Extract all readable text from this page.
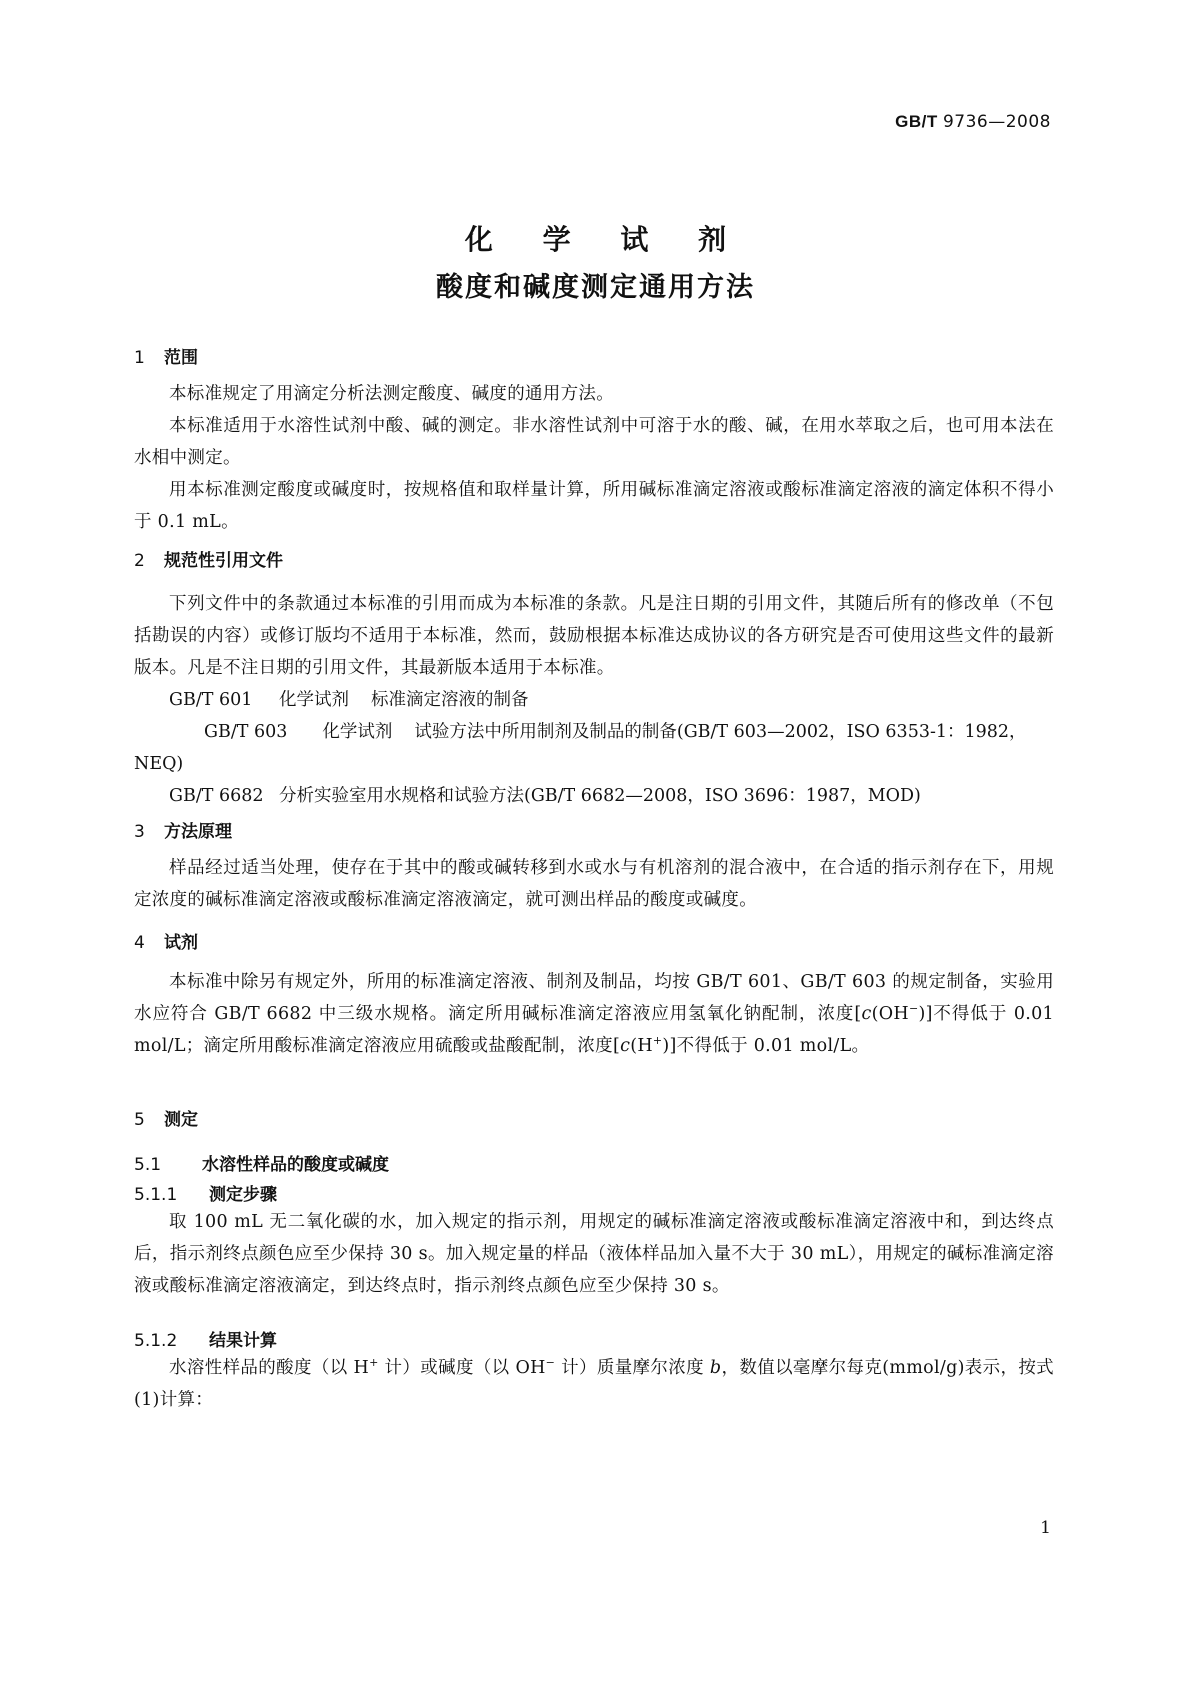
GB/T 9736—2008
化 学 试 剂
酸度和碱度测定通用方法
1 范围
本标准规定了用滴定分析法测定酸度、碱度的通用方法。
本标准适用于水溶性试剂中酸、碱的测定。非水溶性试剂中可溶于水的酸、碱，在用水萃取之后，也可用本法在水相中测定。
用本标准测定酸度或碱度时，按规格值和取样量计算，所用碱标准滴定溶液或酸标准滴定溶液的滴定体积不得小于 0.1 mL。
2 规范性引用文件
下列文件中的条款通过本标准的引用而成为本标准的条款。凡是注日期的引用文件，其随后所有的修改单（不包括勘误的内容）或修订版均不适用于本标准，然而，鼓励根据本标准达成协议的各方研究是否可使用这些文件的最新版本。凡是不注日期的引用文件，其最新版本适用于本标准。
GB/T 601 化学试剂 标准滴定溶液的制备
GB/T 603 化学试剂 试验方法中所用制剂及制品的制备(GB/T 603—2002，ISO 6353-1：1982，NEQ)
GB/T 6682 分析实验室用水规格和试验方法(GB/T 6682—2008，ISO 3696：1987，MOD)
3 方法原理
样品经过适当处理，使存在于其中的酸或碱转移到水或水与有机溶剂的混合液中，在合适的指示剂存在下，用规定浓度的碱标准滴定溶液或酸标准滴定溶液滴定，就可测出样品的酸度或碱度。
4 试剂
本标准中除另有规定外，所用的标准滴定溶液、制剂及制品，均按 GB/T 601、GB/T 603 的规定制备，实验用水应符合 GB/T 6682 中三级水规格。滴定所用碱标准滴定溶液应用氢氧化钠配制，浓度[c(OH−)]不得低于 0.01 mol/L；滴定所用酸标准滴定溶液应用硫酸或盐酸配制，浓度[c(H+)]不得低于 0.01 mol/L。
5 测定
5.1 水溶性样品的酸度或碱度
5.1.1 测定步骤
取 100 mL 无二氧化碳的水，加入规定的指示剂，用规定的碱标准滴定溶液或酸标准滴定溶液中和，到达终点后，指示剂终点颜色应至少保持 30 s。加入规定量的样品（液体样品加入量不大于 30 mL），用规定的碱标准滴定溶液或酸标准滴定溶液滴定，到达终点时，指示剂终点颜色应至少保持 30 s。
5.1.2 结果计算
水溶性样品的酸度（以 H+ 计）或碱度（以 OH− 计）质量摩尔浓度 b，数值以毫摩尔每克(mmol/g)表示，按式(1)计算：
1
